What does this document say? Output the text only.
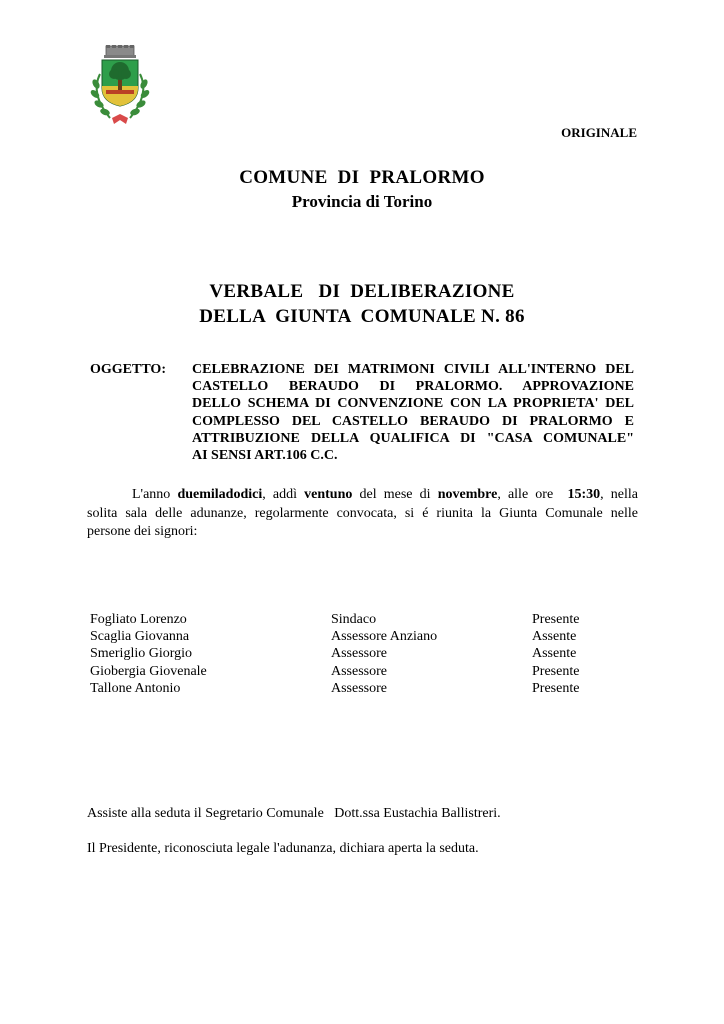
ORIGINALE
COMUNE  DI  PRALORMO
Provincia di Torino
VERBALE   DI  DELIBERAZIONE
DELLA  GIUNTA  COMUNALE N. 86
OGGETTO: CELEBRAZIONE DEI MATRIMONI CIVILI ALL'INTERNO DEL
CASTELLO BERAUDO DI PRALORMO. APPROVAZIONE
DELLO SCHEMA DI CONVENZIONE CON LA PROPRIETA' DEL
COMPLESSO DEL CASTELLO BERAUDO DI PRALORMO E
ATTRIBUZIONE DELLA QUALIFICA DI "CASA COMUNALE"
AI SENSI ART.106 C.C.
L'anno duemiladodici, addì ventuno del mese di novembre, alle ore  15:30, nella
solita sala delle adunanze, regolarmente convocata, si é riunita la Giunta Comunale nelle
persone dei signori:
Fogliato Lorenzo
Scaglia Giovanna
Smeriglio Giorgio
Giobergia Giovenale
Tallone Antonio
Sindaco
Assessore Anziano
Assessore
Assessore
Assessore
Presente
Assente
Assente
Presente
Presente
Assiste alla seduta il Segretario Comunale   Dott.ssa Eustachia Ballistreri.
Il Presidente, riconosciuta legale l'adunanza, dichiara aperta la seduta.
